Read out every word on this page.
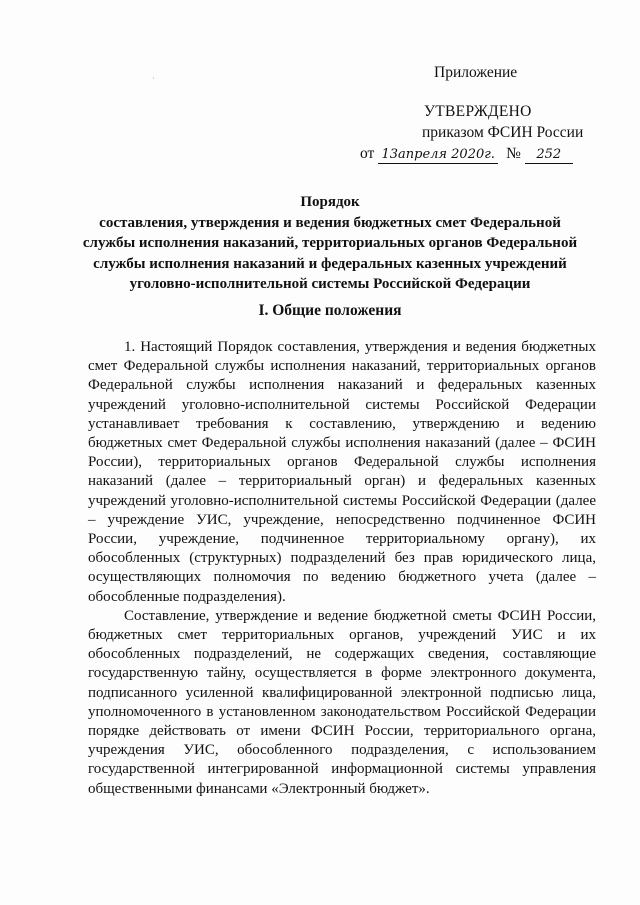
·	Приложение
УТВЕРЖДЕНО
приказом ФСИН России
от 13апреля 2020г. № 252
Порядок
составления, утверждения и ведения бюджетных смет Федеральной
службы исполнения наказаний, территориальных органов Федеральной
службы исполнения наказаний и федеральных казенных учреждений
уголовно-исполнительной системы Российской Федерации
I. Общие положения

1. Настоящий Порядок составления, утверждения и ведения бюджетных смет Федеральной службы исполнения наказаний, территориальных органов Федеральной службы исполнения наказаний и федеральных казенных учреждений уголовно-исполнительной системы Российской Федерации устанавливает требования к составлению, утверждению и ведению бюджетных смет Федеральной службы исполнения наказаний (далее – ФСИН России), территориальных органов Федеральной службы исполнения наказаний (далее – территориальный орган) и федеральных казенных учреждений уголовно-исполнительной системы Российской Федерации (далее – учреждение УИС, учреждение, непосредственно подчиненное ФСИН России, учреждение, подчиненное территориальному органу), их обособленных (структурных) подразделений без прав юридического лица, осуществляющих полномочия по ведению бюджетного учета (далее – обособленные подразделения).

Составление, утверждение и ведение бюджетной сметы ФСИН России, бюджетных смет территориальных органов, учреждений УИС и их обособленных подразделений, не содержащих сведения, составляющие государственную тайну, осуществляется в форме электронного документа, подписанного усиленной квалифицированной электронной подписью лица, уполномоченного в установленном законодательством Российской Федерации порядке действовать от имени ФСИН России, территориального органа, учреждения УИС, обособленного подразделения, с использованием государственной интегрированной информационной системы управления общественными финансами «Электронный бюджет».
